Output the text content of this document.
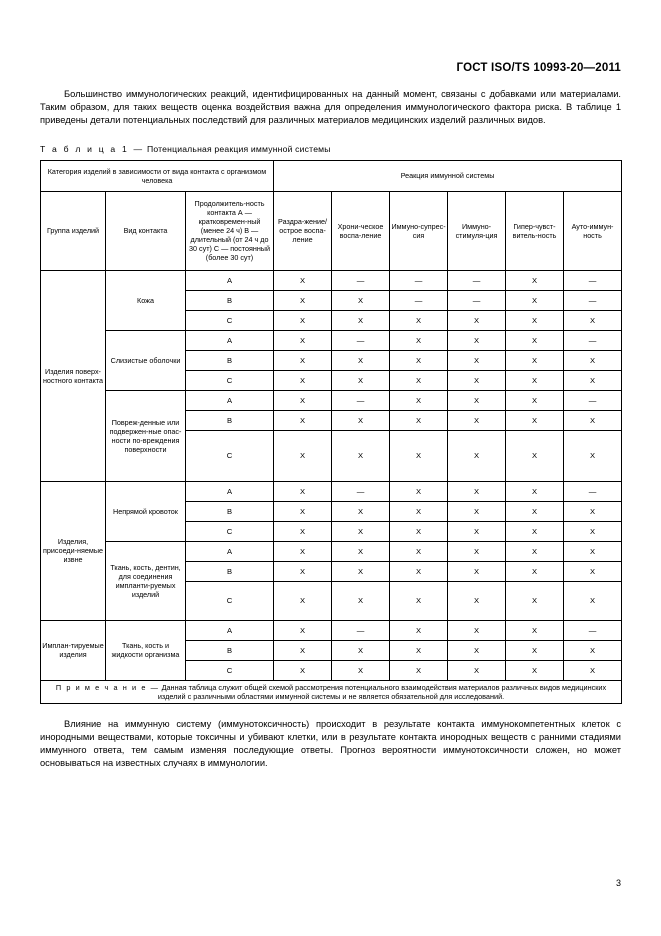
ГОСТ ISO/TS 10993-20—2011
Большинство иммунологических реакций, идентифицированных на данный момент, связаны с добавками или материалами. Таким образом, для таких веществ оценка воздействия важна для определения иммунологического фактора риска. В таблице 1 приведены детали потенциальных последствий для различных материалов медицинских изделий различных видов.
Т а б л и ц а 1 — Потенциальная реакция иммунной системы
Категория изделий в зависимости от вида контакта с организмом человека			Реакция иммунной системы					
Группа изделий	Вид контакта	Продолжитель-ность контакта А — кратковремен-ный (менее 24 ч) В — длительный (от 24 ч до 30 сут) С — постоянный (более 30 сут)	Раздра-жение/ острое воспа-ление	Хрони-ческое воспа-ление	Иммуно-супрес-сия	Иммуно-стимуля-ция	Гипер-чувст-витель-ность	Ауто-иммун-ность
Изделия поверх-ностного контакта	Кожа	А	X	—	—	—	X	—
		В	X	X	—	—	X	—
		С	X	X	X	X	X	X
	Слизистые оболочки	А	X	—	X	X	X	—
		В	X	X	X	X	X	X
		С	X	X	X	X	X	X
	Повреж-денные или подвержен-ные опас-ности по-вреждения поверхности	А	X	—	X	X	X	—
		В	X	X	X	X	X	X
		С	X	X	X	X	X	X
Изделия, присоеди-няемые извне	Непрямой кровоток	А	X	—	X	X	X	—
		В	X	X	X	X	X	X
		С	X	X	X	X	X	X
	Ткань, кость, дентин, для соединения импланти-руемых изделий	А	X	X	X	X	X	X
		В	X	X	X	X	X	X
		С	X	X	X	X	X	X
Имплан-тируемые изделия	Ткань, кость и жидкости организма	А	X	—	X	X	X	—
		В	X	X	X	X	X	X
		С	X	X	X	X	X	X
П р и м е ч а н и е — Данная таблица служит общей схемой рассмотрения потенциального взаимодействия материалов различных видов медицинских изделий с различными областями иммунной системы и не является обязательной для исследований.								
Влияние на иммунную систему (иммунотоксичность) происходит в результате контакта иммунокомпетентных клеток с инородными веществами, которые токсичны и убивают клетки, или в результате контакта инородных веществ с ранними стадиями иммунного ответа, тем самым изменяя последующие ответы. Прогноз вероятности иммунотоксичности сложен, но может основываться на известных случаях в иммунологии.
3
